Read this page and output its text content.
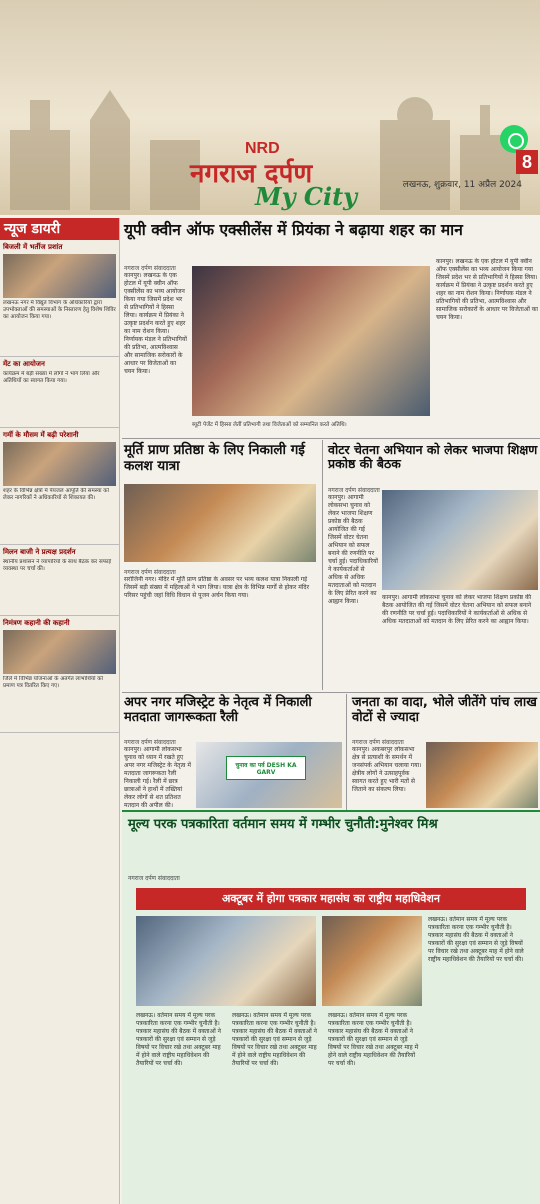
NRD
नगराज दर्पण
My City
8
लखनऊ, शुक्रवार, 11 अप्रैल 2024
न्यूज डायरी
बिजली में भर्तीज प्रशांत
लखनऊ नगर में विद्युत विभाग के अधिकारियों द्वारा उपभोक्ताओं की समस्याओं के निस्तारण हेतु विशेष शिविर का आयोजन किया गया।
मेंट का आयोजन
कार्यक्रम में बड़ी संख्या में लोगों ने भाग लिया और अतिथियों का स्वागत किया गया।
गर्मी के मौसम में बढ़ी परेशानी
शहर के विभिन्न क्षेत्रों में पेयजल आपूर्ति की समस्या को लेकर नागरिकों ने अधिकारियों से शिकायत की।
मिलन बाजी ने प्रत्यक्ष प्रदर्शन
स्थानीय प्रशासन ने व्यापारियों के साथ बैठक कर सफाई व्यवस्था पर चर्चा की।
निमंत्रण कहानी की कहानी
जिले में विभिन्न योजनाओं के अंतर्गत लाभार्थियों को प्रमाण पत्र वितरित किए गए।
यूपी क्वीन ऑफ एक्सीलेंस में प्रियंका ने बढ़ाया शहर का मान
नगराज दर्पण संवाददाता
कानपुर। लखनऊ के एक होटल में यूपी क्वीन ऑफ एक्सीलेंस का भव्य आयोजन किया गया जिसमें प्रदेश भर से प्रतिभागियों ने हिस्सा लिया। कार्यक्रम में प्रियंका ने उत्कृष्ट प्रदर्शन करते हुए शहर का नाम रोशन किया। निर्णायक मंडल ने प्रतिभागियों की प्रतिभा, आत्मविश्वास और सामाजिक सरोकारों के आधार पर विजेताओं का चयन किया।
कानपुर। लखनऊ के एक होटल में यूपी क्वीन ऑफ एक्सीलेंस का भव्य आयोजन किया गया जिसमें प्रदेश भर से प्रतिभागियों ने हिस्सा लिया। कार्यक्रम में प्रियंका ने उत्कृष्ट प्रदर्शन करते हुए शहर का नाम रोशन किया। निर्णायक मंडल ने प्रतिभागियों की प्रतिभा, आत्मविश्वास और सामाजिक सरोकारों के आधार पर विजेताओं का चयन किया।
ब्यूटी पेजेंट में हिस्सा लेतीं प्रतिभागी तथा विजेताओं को सम्मानित करते अतिथि।
मूर्ति प्राण प्रतिष्ठा के लिए निकाली गई कलश यात्रा
नगराज दर्पण संवाददाता
सरोजिनी नगर। मंदिर में मूर्ति प्राण प्रतिष्ठा के अवसर पर भव्य कलश यात्रा निकाली गई जिसमें बड़ी संख्या में महिलाओं ने भाग लिया। यात्रा क्षेत्र के विभिन्न मार्गों से होकर मंदिर परिसर पहुंची जहां विधि विधान से पूजन अर्चन किया गया।
वोटर चेतना अभियान को लेकर भाजपा शिक्षण प्रकोष्ठ की बैठक
नगराज दर्पण संवाददाता
कानपुर। आगामी लोकसभा चुनाव को लेकर भाजपा शिक्षण प्रकोष्ठ की बैठक आयोजित की गई जिसमें वोटर चेतना अभियान को सफल बनाने की रणनीति पर चर्चा हुई। पदाधिकारियों ने कार्यकर्ताओं से अधिक से अधिक मतदाताओं को मतदान के लिए प्रेरित करने का आह्वान किया।
कानपुर। आगामी लोकसभा चुनाव को लेकर भाजपा शिक्षण प्रकोष्ठ की बैठक आयोजित की गई जिसमें वोटर चेतना अभियान को सफल बनाने की रणनीति पर चर्चा हुई। पदाधिकारियों ने कार्यकर्ताओं से अधिक से अधिक मतदाताओं को मतदान के लिए प्रेरित करने का आह्वान किया।
अपर नगर मजिस्ट्रेट के नेतृत्व में निकाली मतदाता जागरूकता रैली
नगराज दर्पण संवाददाता
कानपुर। आगामी लोकसभा चुनाव को ध्यान में रखते हुए अपर नगर मजिस्ट्रेट के नेतृत्व में मतदाता जागरूकता रैली निकाली गई। रैली में छात्र छात्राओं ने हाथों में तख्तियां लेकर लोगों से शत प्रतिशत मतदान की अपील की।
चुनाव का पर्व DESH KA GARV
जनता का वादा, भोले जीतेंगे पांच लाख वोटों से ज्यादा
नगराज दर्पण संवाददाता
कानपुर। अकबरपुर लोकसभा क्षेत्र से प्रत्याशी के समर्थन में जनसंपर्क अभियान चलाया गया। क्षेत्रीय लोगों ने उत्साहपूर्वक स्वागत करते हुए भारी मतों से जिताने का संकल्प लिया।
मूल्य परक पत्रकारिता वर्तमान समय में गम्भीर चुनौती:मुनेश्वर मिश्र
नगराज दर्पण संवाददाता
अक्टूबर में होगा पत्रकार महासंघ का राष्ट्रीय महाधिवेशन
लखनऊ। वर्तमान समय में मूल्य परक पत्रकारिता करना एक गम्भीर चुनौती है। पत्रकार महासंघ की बैठक में वक्ताओं ने पत्रकारों की सुरक्षा एवं सम्मान से जुड़े विषयों पर विचार रखे तथा अक्टूबर माह में होने वाले राष्ट्रीय महाधिवेशन की तैयारियों पर चर्चा की।
लखनऊ। वर्तमान समय में मूल्य परक पत्रकारिता करना एक गम्भीर चुनौती है। पत्रकार महासंघ की बैठक में वक्ताओं ने पत्रकारों की सुरक्षा एवं सम्मान से जुड़े विषयों पर विचार रखे तथा अक्टूबर माह में होने वाले राष्ट्रीय महाधिवेशन की तैयारियों पर चर्चा की।
लखनऊ। वर्तमान समय में मूल्य परक पत्रकारिता करना एक गम्भीर चुनौती है। पत्रकार महासंघ की बैठक में वक्ताओं ने पत्रकारों की सुरक्षा एवं सम्मान से जुड़े विषयों पर विचार रखे तथा अक्टूबर माह में होने वाले राष्ट्रीय महाधिवेशन की तैयारियों पर चर्चा की।
लखनऊ। वर्तमान समय में मूल्य परक पत्रकारिता करना एक गम्भीर चुनौती है। पत्रकार महासंघ की बैठक में वक्ताओं ने पत्रकारों की सुरक्षा एवं सम्मान से जुड़े विषयों पर विचार रखे तथा अक्टूबर माह में होने वाले राष्ट्रीय महाधिवेशन की तैयारियों पर चर्चा की।
